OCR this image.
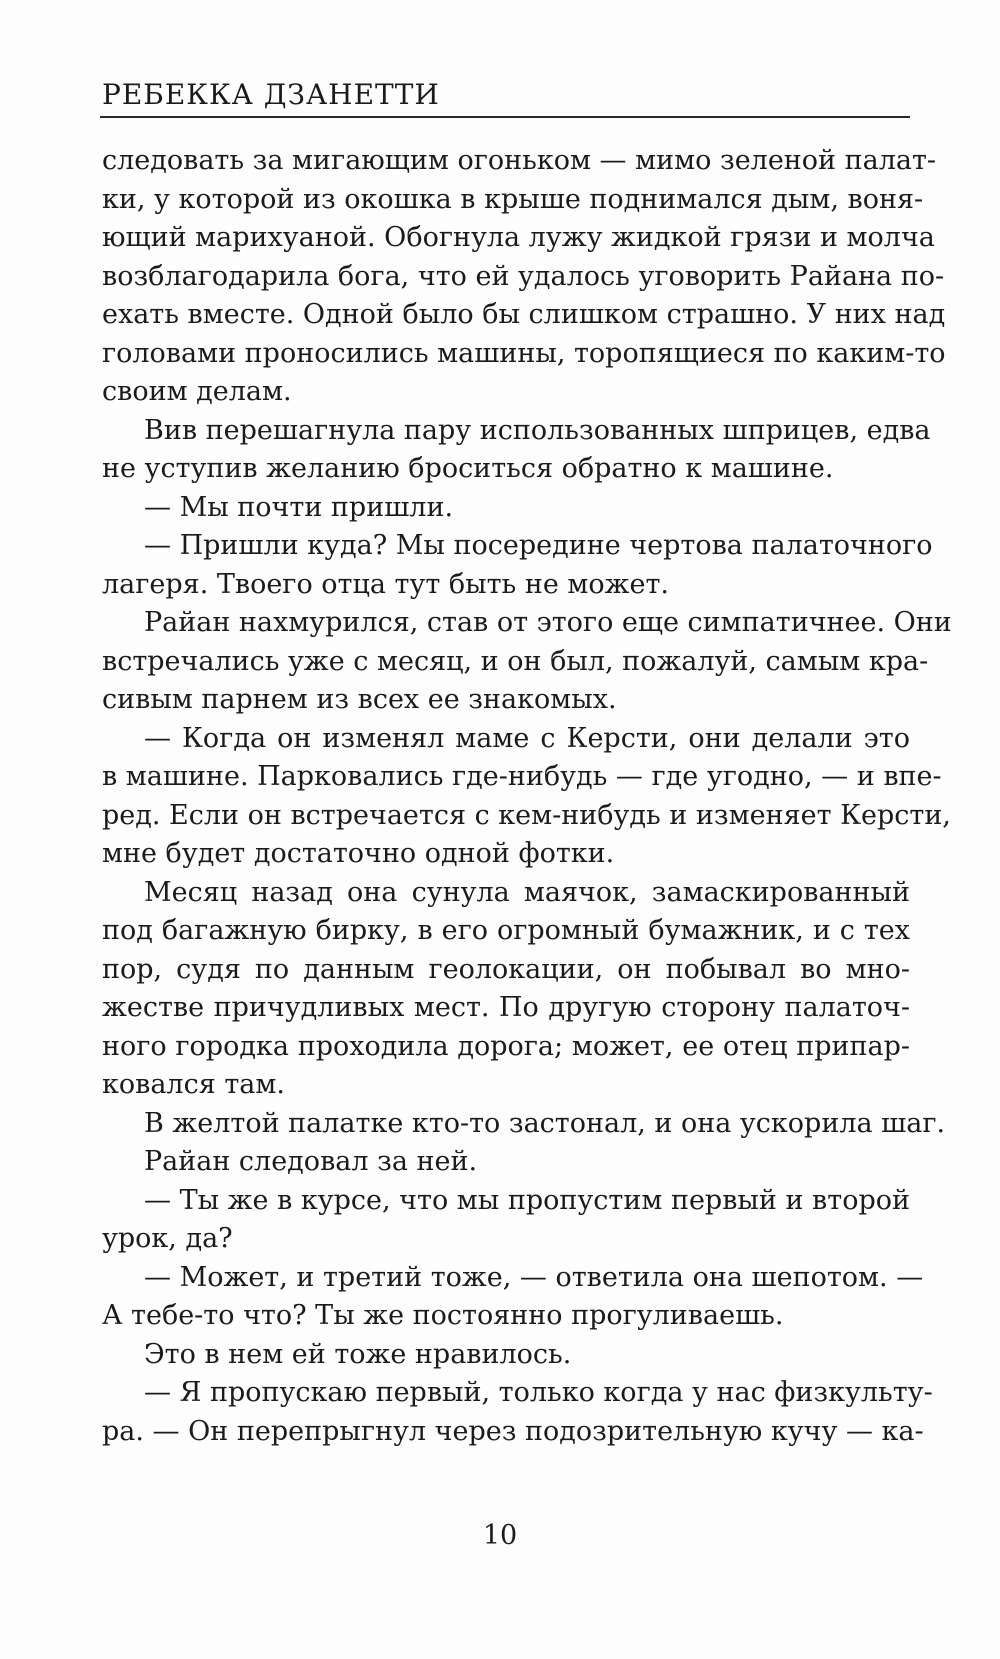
РЕБЕККА ДЗАНЕТТИ
следовать за мигающим огоньком — мимо зеленой палат-
ки, у которой из окошка в крыше поднимался дым, воня-
ющий марихуаной. Обогнула лужу жидкой грязи и молча
возблагодарила бога, что ей удалось уговорить Райана по-
ехать вместе. Одной было бы слишком страшно. У них над
головами проносились машины, торопящиеся по каким-то
своим делам.
Вив перешагнула пару использованных шприцев, едва
не уступив желанию броситься обратно к машине.
— Мы почти пришли.
— Пришли куда? Мы посередине чертова палаточного
лагеря. Твоего отца тут быть не может.
Райан нахмурился, став от этого еще симпатичнее. Они
встречались уже с месяц, и он был, пожалуй, самым кра-
сивым парнем из всех ее знакомых.
— Когда он изменял маме с Керсти, они делали это
в машине. Парковались где-нибудь — где угодно, — и впе-
ред. Если он встречается с кем-нибудь и изменяет Керсти,
мне будет достаточно одной фотки.
Месяц назад она сунула маячок, замаскированный
под багажную бирку, в его огромный бумажник, и с тех
пор, судя по данным геолокации, он побывал во мно-
жестве причудливых мест. По другую сторону палаточ-
ного городка проходила дорога; может, ее отец припар-
ковался там.
В желтой палатке кто-то застонал, и она ускорила шаг.
Райан следовал за ней.
— Ты же в курсе, что мы пропустим первый и второй
урок, да?
— Может, и третий тоже, — ответила она шепотом. —
А тебе-то что? Ты же постоянно прогуливаешь.
Это в нем ей тоже нравилось.
— Я пропускаю первый, только когда у нас физкульту-
ра. — Он перепрыгнул через подозрительную кучу — ка-
10
